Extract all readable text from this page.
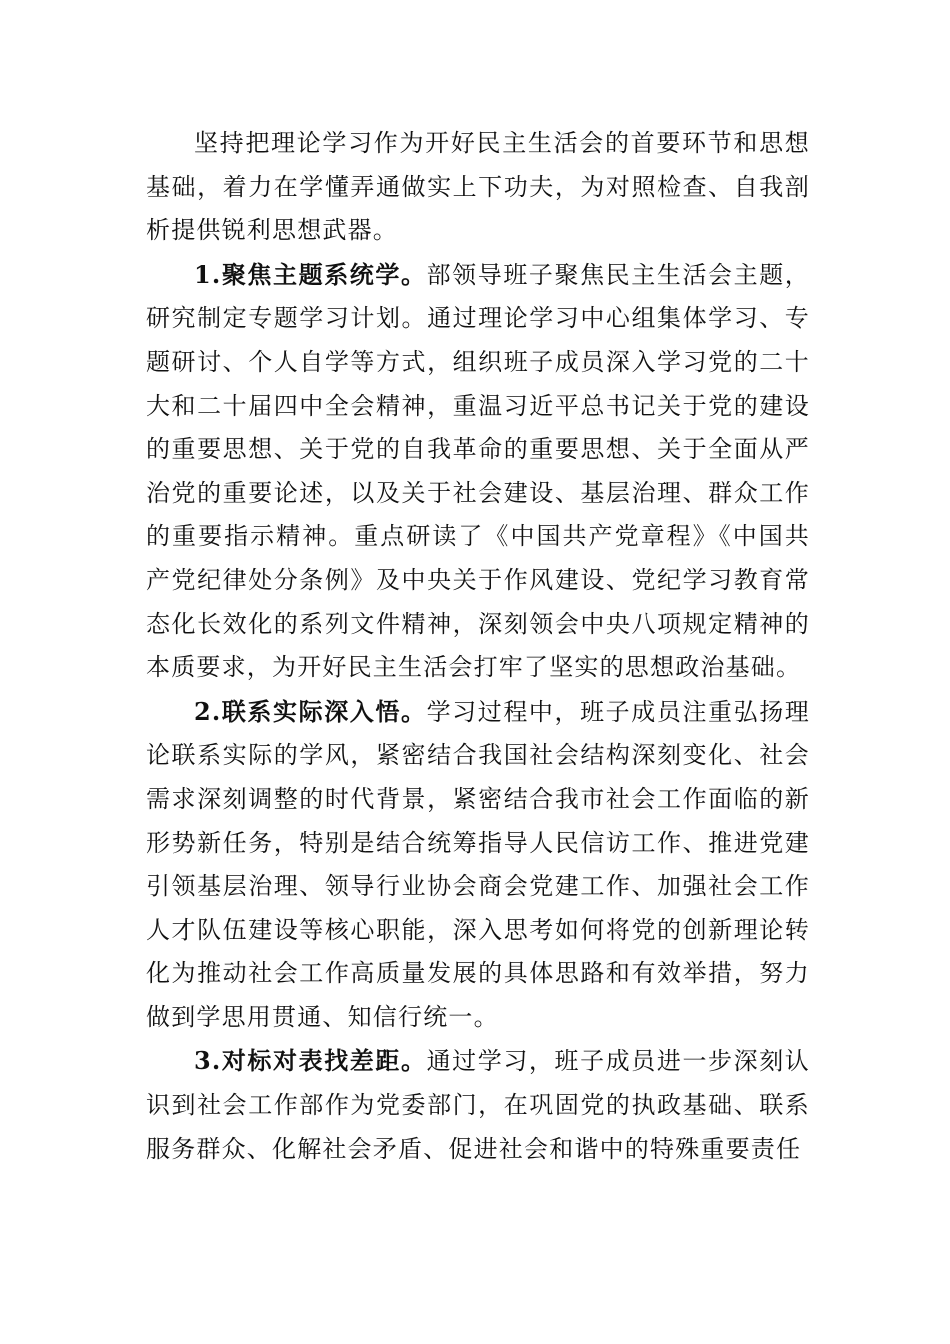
坚持把理论学习作为开好民主生活会的首要环节和思想基础，着力在学懂弄通做实上下功夫，为对照检查、自我剖析提供锐利思想武器。

1.聚焦主题系统学。部领导班子聚焦民主生活会主题，研究制定专题学习计划。通过理论学习中心组集体学习、专题研讨、个人自学等方式，组织班子成员深入学习党的二十大和二十届四中全会精神，重温习近平总书记关于党的建设的重要思想、关于党的自我革命的重要思想、关于全面从严治党的重要论述，以及关于社会建设、基层治理、群众工作的重要指示精神。重点研读了《中国共产党章程》《中国共产党纪律处分条例》及中央关于作风建设、党纪学习教育常态化长效化的系列文件精神，深刻领会中央八项规定精神的本质要求，为开好民主生活会打牢了坚实的思想政治基础。

2.联系实际深入悟。学习过程中，班子成员注重弘扬理论联系实际的学风，紧密结合我国社会结构深刻变化、社会需求深刻调整的时代背景，紧密结合我市社会工作面临的新形势新任务，特别是结合统筹指导人民信访工作、推进党建引领基层治理、领导行业协会商会党建工作、加强社会工作人才队伍建设等核心职能，深入思考如何将党的创新理论转化为推动社会工作高质量发展的具体思路和有效举措，努力做到学思用贯通、知信行统一。

3.对标对表找差距。通过学习，班子成员进一步深刻认识到社会工作部作为党委部门，在巩固党的执政基础、联系服务群众、化解社会矛盾、促进社会和谐中的特殊重要责任
